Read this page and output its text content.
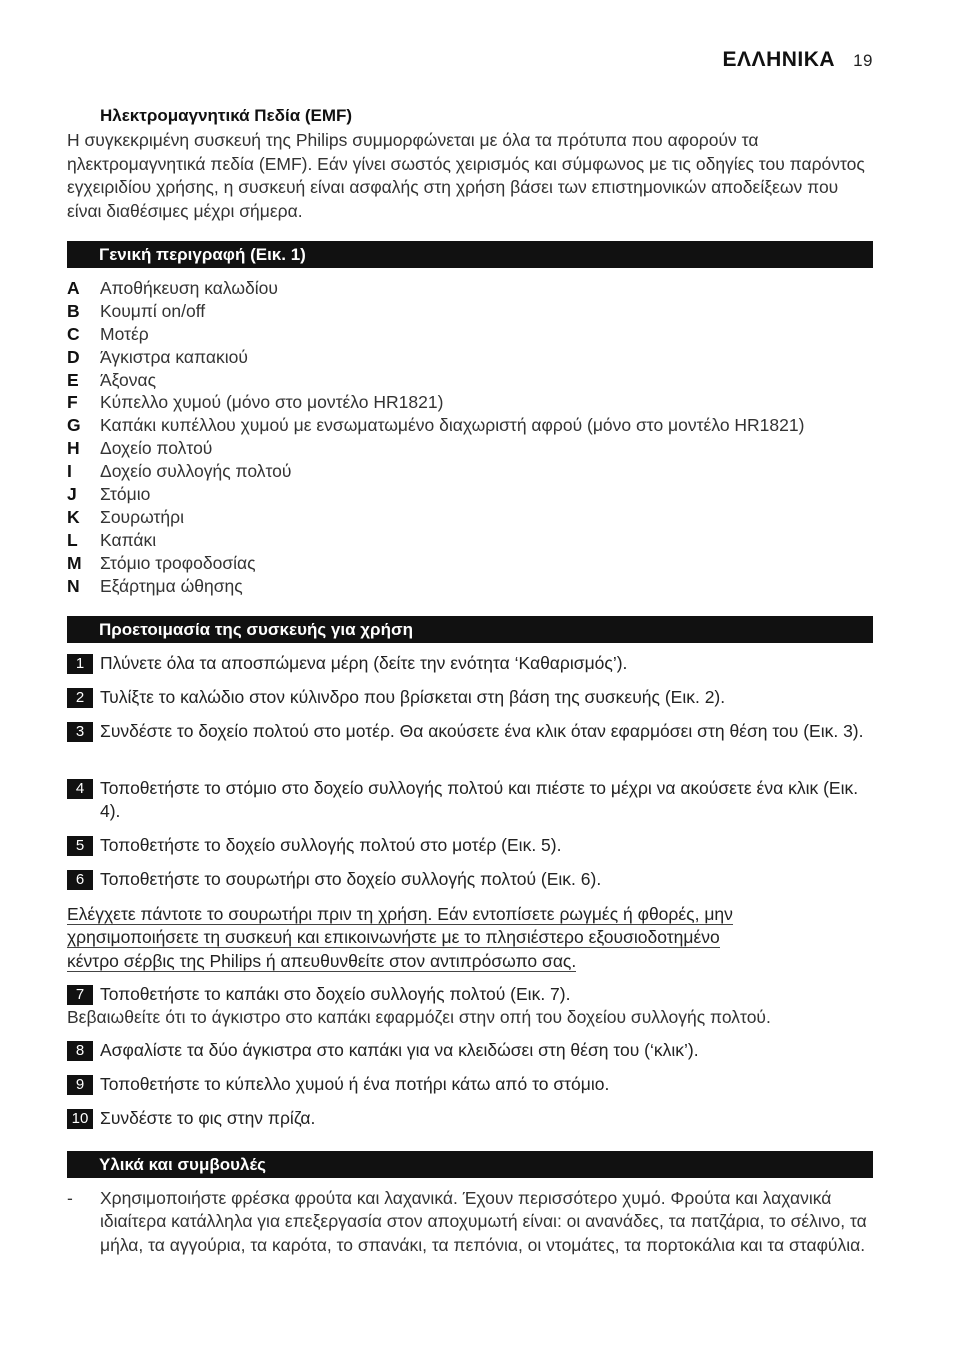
ΕΛΛΗΝΙΚΑ 19
Ηλεκτρομαγνητικά Πεδία (EMF)
Η συγκεκριμένη συσκευή της Philips συμμορφώνεται με όλα τα πρότυπα που αφορούν τα ηλεκτρομαγνητικά πεδία (EMF). Εάν γίνει σωστός χειρισμός και σύμφωνος με τις οδηγίες του παρόντος εγχειριδίου χρήσης, η συσκευή είναι ασφαλής στη χρήση βάσει των επιστημονικών αποδείξεων που είναι διαθέσιμες μέχρι σήμερα.
Γενική περιγραφή (Εικ. 1)
A Αποθήκευση καλωδίου
B Κουμπί on/off
C Μοτέρ
D Άγκιστρα καπακιού
E Άξονας
F Κύπελλο χυμού (μόνο στο μοντέλο HR1821)
G Καπάκι κυπέλλου χυμού με ενσωματωμένο διαχωριστή αφρού (μόνο στο μοντέλο HR1821)
H Δοχείο πολτού
I Δοχείο συλλογής πολτού
J Στόμιο
K Σουρωτήρι
L Καπάκι
M Στόμιο τροφοδοσίας
N Εξάρτημα ώθησης
Προετοιμασία της συσκευής για χρήση
1 Πλύνετε όλα τα αποσπώμενα μέρη (δείτε την ενότητα ‘Καθαρισμός’).
2 Τυλίξτε το καλώδιο στον κύλινδρο που βρίσκεται στη βάση της συσκευής (Εικ. 2).
3 Συνδέστε το δοχείο πολτού στο μοτέρ. Θα ακούσετε ένα κλικ όταν εφαρμόσει στη θέση του (Εικ. 3).
4 Τοποθετήστε το στόμιο στο δοχείο συλλογής πολτού και πιέστε το μέχρι να ακούσετε ένα κλικ (Εικ. 4).
5 Τοποθετήστε το δοχείο συλλογής πολτού στο μοτέρ (Εικ. 5).
6 Τοποθετήστε το σουρωτήρι στο δοχείο συλλογής πολτού (Εικ. 6).
Ελέγχετε πάντοτε το σουρωτήρι πριν τη χρήση. Εάν εντοπίσετε ρωγμές ή φθορές, μην
χρησιμοποιήσετε τη συσκευή και επικοινωνήστε με το πλησιέστερο εξουσιοδοτημένο
κέντρο σέρβις της Philips ή απευθυνθείτε στον αντιπρόσωπο σας.
7 Τοποθετήστε το καπάκι στο δοχείο συλλογής πολτού (Εικ. 7).
Βεβαιωθείτε ότι το άγκιστρο στο καπάκι εφαρμόζει στην οπή του δοχείου συλλογής πολτού.
8 Ασφαλίστε τα δύο άγκιστρα στο καπάκι για να κλειδώσει στη θέση του (‘κλικ’).
9 Τοποθετήστε το κύπελλο χυμού ή ένα ποτήρι κάτω από το στόμιο.
10 Συνδέστε το φις στην πρίζα.
Υλικά και συμβουλές
- Χρησιμοποιήστε φρέσκα φρούτα και λαχανικά. Έχουν περισσότερο χυμό. Φρούτα και λαχανικά ιδιαίτερα κατάλληλα για επεξεργασία στον αποχυμωτή είναι: οι ανανάδες, τα πατζάρια, το σέλινο, τα μήλα, τα αγγούρια, τα καρότα, το σπανάκι, τα πεπόνια, οι ντομάτες, τα πορτοκάλια και τα σταφύλια.
